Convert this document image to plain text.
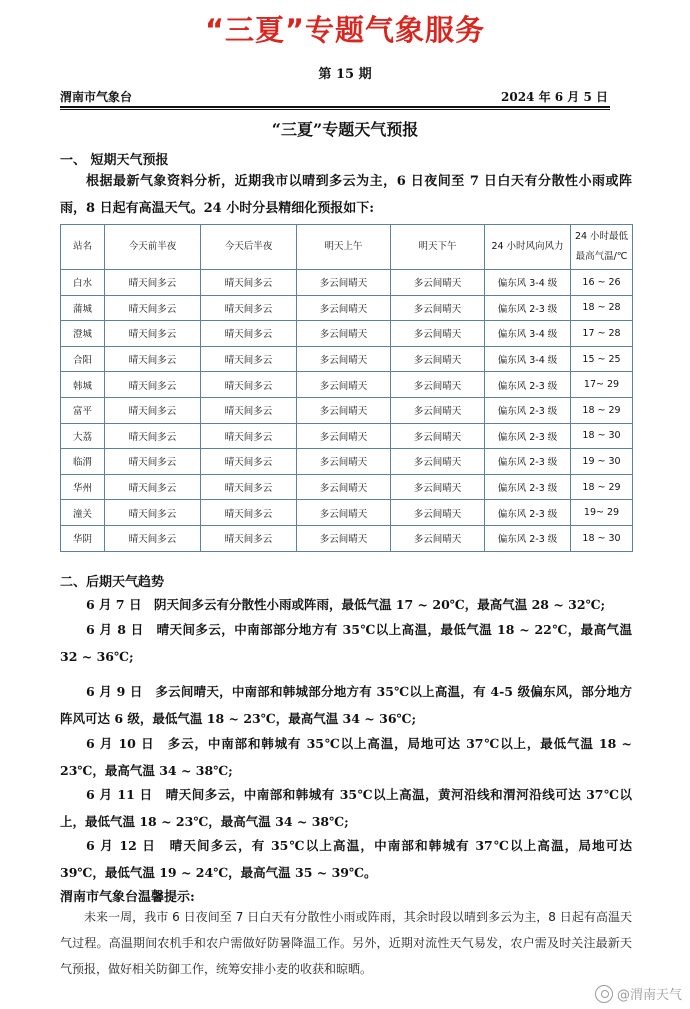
“三夏”专题气象服务
第 15 期
渭南市气象台	2024 年 6 月 5 日
“三夏”专题天气预报
一、 短期天气预报
根据最新气象资料分析，近期我市以晴到多云为主，6 日夜间至 7 日白天有分散性小雨或阵雨，8 日起有高温天气。24 小时分县精细化预报如下:
站名	今天前半夜	今天后半夜	明天上午	明天下午	24 小时风向风力	24 小时最低
最高气温/℃
白水	晴天间多云	晴天间多云	多云间晴天	多云间晴天	偏东风 3-4 级	16 ~ 26
蒲城	晴天间多云	晴天间多云	多云间晴天	多云间晴天	偏东风 2-3 级	18 ~ 28
澄城	晴天间多云	晴天间多云	多云间晴天	多云间晴天	偏东风 3-4 级	17 ~ 28
合阳	晴天间多云	晴天间多云	多云间晴天	多云间晴天	偏东风 3-4 级	15 ~ 25
韩城	晴天间多云	晴天间多云	多云间晴天	多云间晴天	偏东风 2-3 级	17~ 29
富平	晴天间多云	晴天间多云	多云间晴天	多云间晴天	偏东风 2-3 级	18 ~ 29
大荔	晴天间多云	晴天间多云	多云间晴天	多云间晴天	偏东风 2-3 级	18 ~ 30
临渭	晴天间多云	晴天间多云	多云间晴天	多云间晴天	偏东风 2-3 级	19 ~ 30
华州	晴天间多云	晴天间多云	多云间晴天	多云间晴天	偏东风 2-3 级	18 ~ 29
潼关	晴天间多云	晴天间多云	多云间晴天	多云间晴天	偏东风 2-3 级	19~ 29
华阴	晴天间多云	晴天间多云	多云间晴天	多云间晴天	偏东风 2-3 级	18 ~ 30
二、后期天气趋势
6 月 7 日　阴天间多云有分散性小雨或阵雨，最低气温 17 ~ 20℃，最高气温 28 ~ 32℃;
6 月 8 日　晴天间多云，中南部部分地方有 35℃以上高温，最低气温 18 ~ 22℃，最高气温 32 ~ 36℃;
6 月 9 日　多云间晴天，中南部和韩城部分地方有 35℃以上高温，有 4-5 级偏东风，部分地方阵风可达 6 级，最低气温 18 ~ 23℃，最高气温 34 ~ 36℃;
6 月 10 日　多云，中南部和韩城有 35℃以上高温，局地可达 37℃以上，最低气温 18 ~ 23℃，最高气温 34 ~ 38℃;
6 月 11 日　晴天间多云，中南部和韩城有 35℃以上高温，黄河沿线和渭河沿线可达 37℃以上，最低气温 18 ~ 23℃，最高气温 34 ~ 38℃;
6 月 12 日　晴天间多云，有 35℃以上高温，中南部和韩城有 37℃以上高温，局地可达 39℃，最低气温 19 ~ 24℃，最高气温 35 ~ 39℃。
渭南市气象台温馨提示:
未来一周，我市 6 日夜间至 7 日白天有分散性小雨或阵雨，其余时段以晴到多云为主，8 日起有高温天气过程。高温期间农机手和农户需做好防暑降温工作。另外，近期对流性天气易发，农户需及时关注最新天气预报，做好相关防御工作，统筹安排小麦的收获和晾晒。
@渭南天气
